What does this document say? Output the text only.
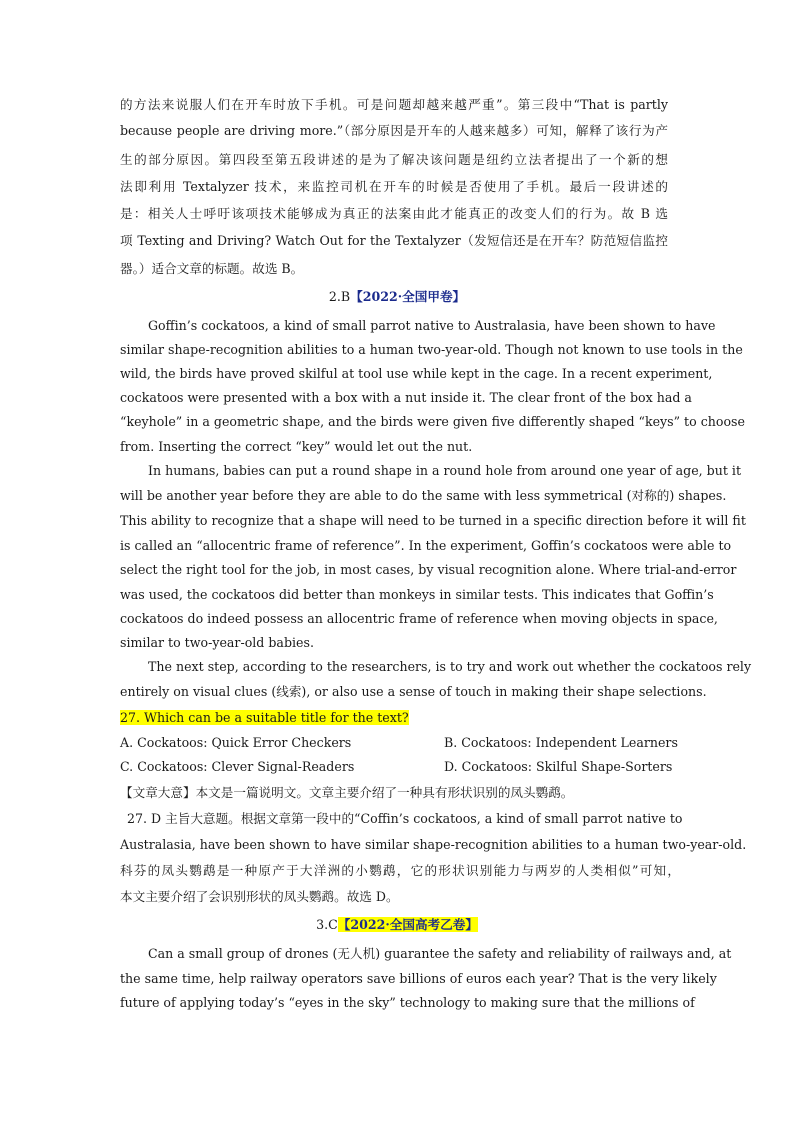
的方法来说服人们在开车时放下手机。可是问题却越来越严重”。第三段中“That is partly
because people are driving more.”（部分原因是开车的人越来越多）可知，解释了该行为产
生的部分原因。第四段至第五段讲述的是为了解决该问题是纽约立法者提出了一个新的想
法即利用 Textalyzer 技术，来监控司机在开车的时候是否使用了手机。最后一段讲述的
是：相关人士呼吁该项技术能够成为真正的法案由此才能真正的改变人们的行为。故 B 选
项 Texting and Driving? Watch Out for the Textalyzer（发短信还是在开车？防范短信监控
器。）适合文章的标题。故选 B。
2.B【2022·全国甲卷】
Goffin’s cockatoos, a kind of small parrot native to Australasia, have been shown to have
similar shape-recognition abilities to a human two-year-old. Though not known to use tools in the
wild, the birds have proved skilful at tool use while kept in the cage. In a recent experiment,
cockatoos were presented with a box with a nut inside it. The clear front of the box had a
“keyhole” in a geometric shape, and the birds were given five differently shaped “keys” to choose
from. Inserting the correct “key” would let out the nut.
In humans, babies can put a round shape in a round hole from around one year of age, but it
will be another year before they are able to do the same with less symmetrical (对称的) shapes.
This ability to recognize that a shape will need to be turned in a specific direction before it will fit
is called an “allocentric frame of reference”. In the experiment, Goffin’s cockatoos were able to
select the right tool for the job, in most cases, by visual recognition alone. Where trial-and-error
was used, the cockatoos did better than monkeys in similar tests. This indicates that Goffin’s
cockatoos do indeed possess an allocentric frame of reference when moving objects in space,
similar to two-year-old babies.
The next step, according to the researchers, is to try and work out whether the cockatoos rely
entirely on visual clues (线索), or also use a sense of touch in making their shape selections.
27. Which can be a suitable title for the text?
A. Cockatoos: Quick Error Checkers	B. Cockatoos: Independent Learners
C. Cockatoos: Clever Signal-Readers	D. Cockatoos: Skilful Shape-Sorters
【文章大意】本文是一篇说明文。文章主要介绍了一种具有形状识别的凤头鹦鹉。
27. D 主旨大意题。根据文章第一段中的“Coffin’s cockatoos, a kind of small parrot native to
Australasia, have been shown to have similar shape-recognition abilities to a human two-year-old.
科芬的凤头鹦鹉是一种原产于大洋洲的小鹦鹉，它的形状识别能力与两岁的人类相似”可知，
本文主要介绍了会识别形状的凤头鹦鹉。故选 D。
3.C【2022·全国高考乙卷】
Can a small group of drones (无人机) guarantee the safety and reliability of railways and, at
the same time, help railway operators save billions of euros each year? That is the very likely
future of applying today’s “eyes in the sky” technology to making sure that the millions of
